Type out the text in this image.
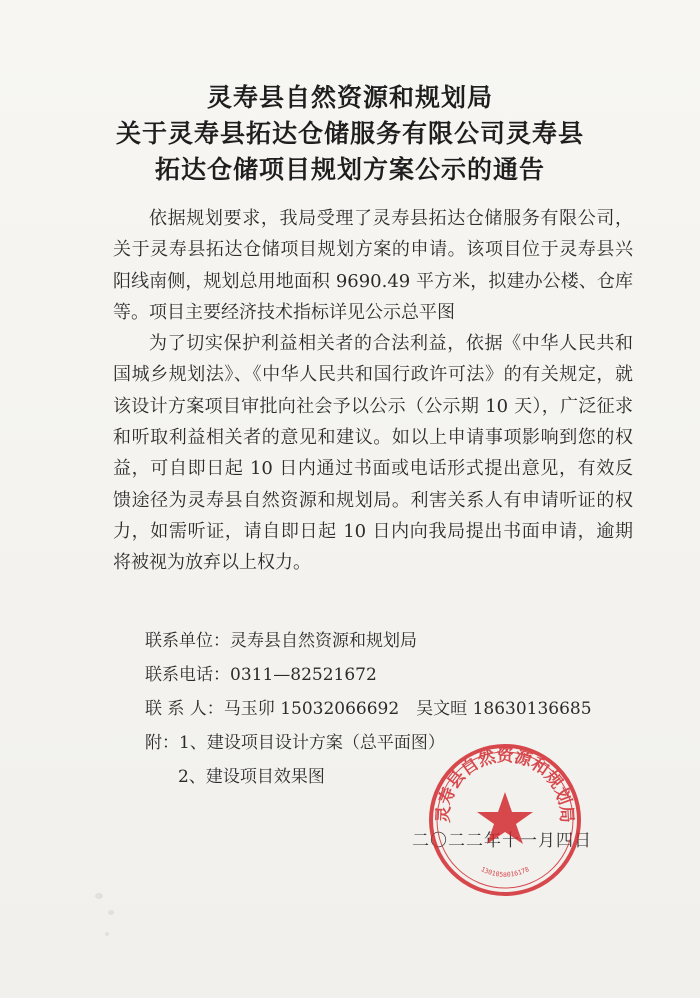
灵寿县自然资源和规划局
关于灵寿县拓达仓储服务有限公司灵寿县
拓达仓储项目规划方案公示的通告

依据规划要求，我局受理了灵寿县拓达仓储服务有限公司，关于灵寿县拓达仓储项目规划方案的申请。该项目位于灵寿县兴阳线南侧，规划总用地面积 9690.49 平方米，拟建办公楼、仓库等。项目主要经济技术指标详见公示总平图

为了切实保护利益相关者的合法利益，依据《中华人民共和国城乡规划法》、《中华人民共和国行政许可法》的有关规定，就该设计方案项目审批向社会予以公示（公示期 10 天），广泛征求和听取利益相关者的意见和建议。如以上申请事项影响到您的权益，可自即日起 10 日内通过书面或电话形式提出意见，有效反馈途径为灵寿县自然资源和规划局。利害关系人有申请听证的权力，如需听证，请自即日起 10 日内向我局提出书面申请，逾期将被视为放弃以上权力。

联系单位：灵寿县自然资源和规划局
联系电话：0311—82521672
联 系 人：马玉卯 15032066692　吴文晅 18630136685
附：1、建设项目设计方案（总平面图）
2、建设项目效果图
二〇二二年十一月四日
灵寿县自然资源和规划局
1301058016178
